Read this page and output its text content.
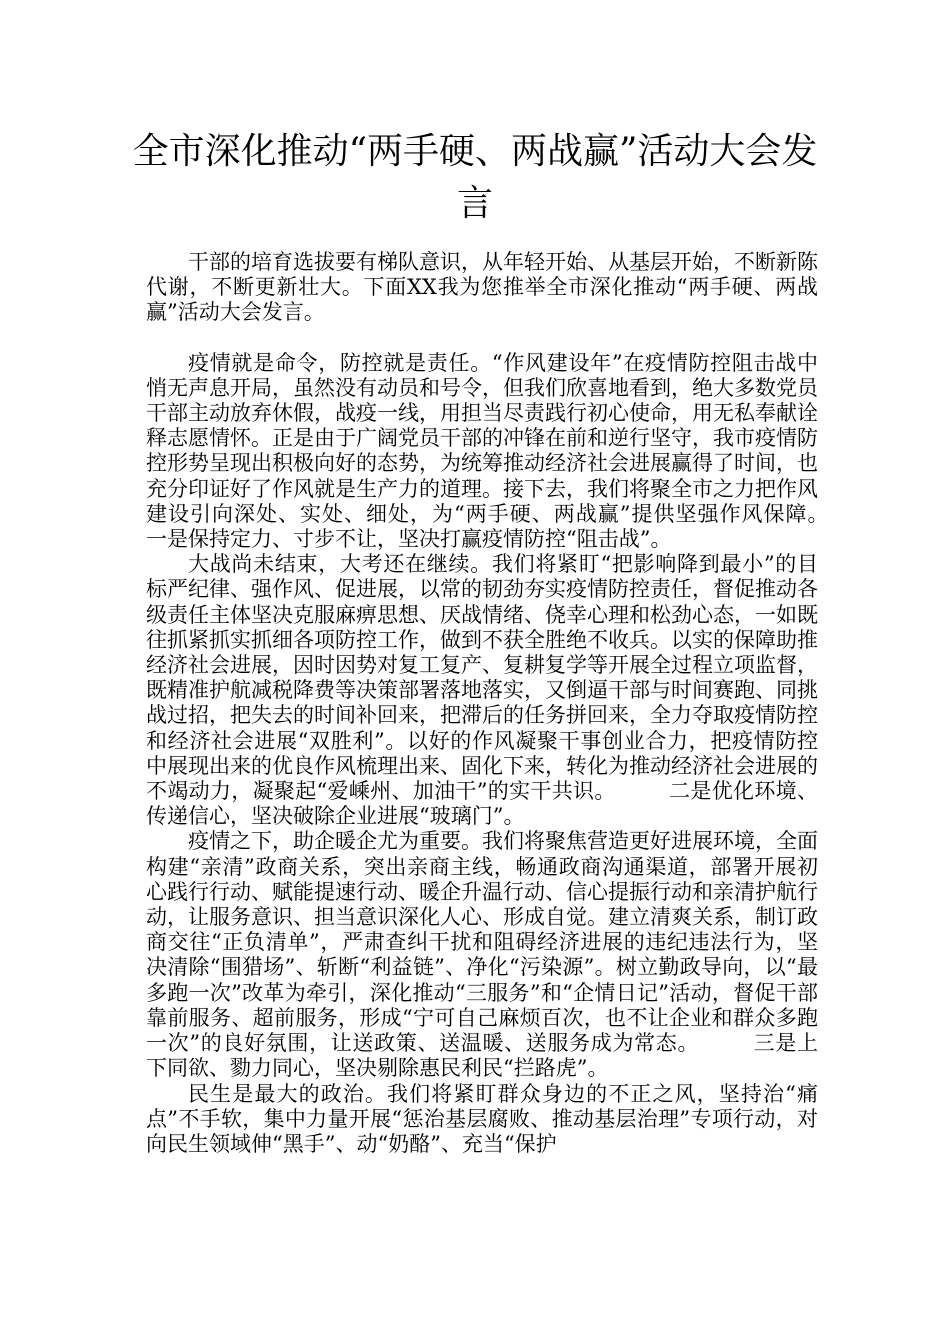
全市深化推动“两手硬、两战赢”活动大会发言

干部的培育选拔要有梯队意识，从年轻开始、从基层开始，不断新陈代谢，不断更新壮大。下面XX我为您推举全市深化推动“两手硬、两战赢”活动大会发言。

疫情就是命令，防控就是责任。“作风建设年”在疫情防控阻击战中悄无声息开局，虽然没有动员和号令，但我们欣喜地看到，绝大多数党员干部主动放弃休假，战疫一线，用担当尽责践行初心使命，用无私奉献诠释志愿情怀。正是由于广阔党员干部的冲锋在前和逆行坚守，我市疫情防控形势呈现出积极向好的态势，为统筹推动经济社会进展赢得了时间，也充分印证好了作风就是生产力的道理。接下去，我们将聚全市之力把作风建设引向深处、实处、细处，为“两手硬、两战赢”提供坚强作风保障。　　　一是保持定力、寸步不让，坚决打赢疫情防控“阻击战”。

大战尚未结束，大考还在继续。我们将紧盯“把影响降到最小”的目标严纪律、强作风、促进展，以常的韧劲夯实疫情防控责任，督促推动各级责任主体坚决克服麻痹思想、厌战情绪、侥幸心理和松劲心态，一如既往抓紧抓实抓细各项防控工作，做到不获全胜绝不收兵。以实的保障助推经济社会进展，因时因势对复工复产、复耕复学等开展全过程立项监督，既精准护航减税降费等决策部署落地落实，又倒逼干部与时间赛跑、同挑战过招，把失去的时间补回来，把滞后的任务拼回来，全力夺取疫情防控和经济社会进展“双胜利”。以好的作风凝聚干事创业合力，把疫情防控中展现出来的优良作风梳理出来、固化下来，转化为推动经济社会进展的不竭动力，凝聚起“爱嵊州、加油干”的实干共识。　　　二是优化环境、传递信心，坚决破除企业进展“玻璃门”。

疫情之下，助企暖企尤为重要。我们将聚焦营造更好进展环境，全面构建“亲清”政商关系，突出亲商主线，畅通政商沟通渠道，部署开展初心践行行动、赋能提速行动、暖企升温行动、信心提振行动和亲清护航行动，让服务意识、担当意识深化人心、形成自觉。建立清爽关系，制订政商交往“正负清单”，严肃查纠干扰和阻碍经济进展的违纪违法行为，坚决清除“围猎场”、斩断“利益链”、净化“污染源”。树立勤政导向，以“最多跑一次”改革为牵引，深化推动“三服务”和“企情日记”活动，督促干部靠前服务、超前服务，形成“宁可自己麻烦百次，也不让企业和群众多跑一次”的良好氛围，让送政策、送温暖、送服务成为常态。　　　三是上下同欲、勠力同心，坚决剔除惠民利民“拦路虎”。

民生是最大的政治。我们将紧盯群众身边的不正之风，坚持治“痛点”不手软，集中力量开展“惩治基层腐败、推动基层治理”专项行动，对向民生领域伸“黑手”、动“奶酪”、充当“保护
